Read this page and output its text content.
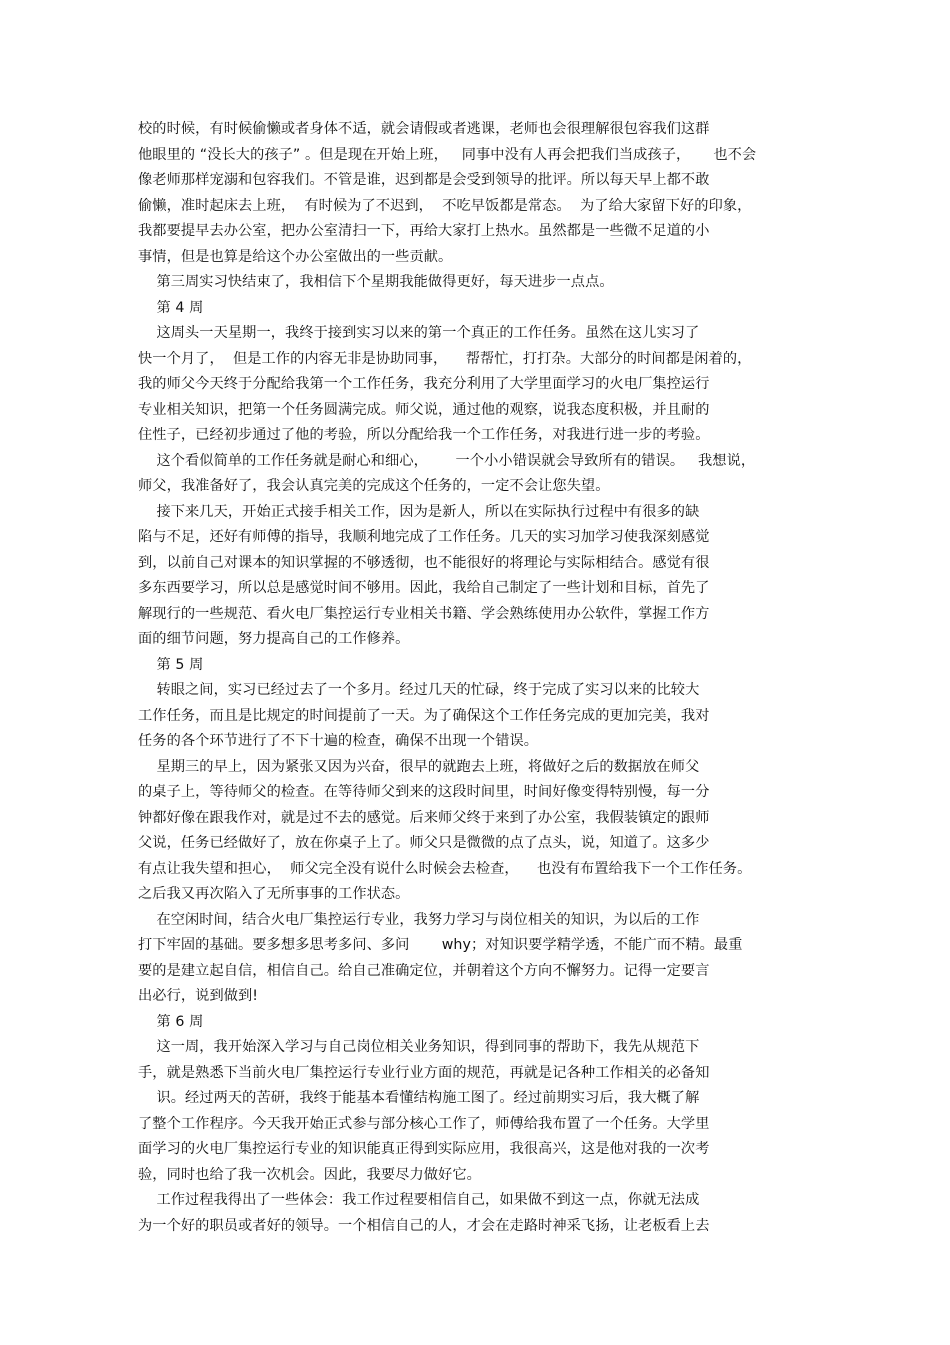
校的时候，有时候偷懒或者身体不适，就会请假或者逃课，老师也会很理解很包容我们这群
他眼里的 “没长大的孩子” 。但是现在开始上班，   同事中没有人再会把我们当成孩子，     也不会
像老师那样宠溺和包容我们。不管是谁，迟到都是会受到领导的批评。所以每天早上都不敢
偷懒，准时起床去上班，  有时候为了不迟到，  不吃早饭都是常态。  为了给大家留下好的印象，
我都要提早去办公室，把办公室清扫一下，再给大家打上热水。虽然都是一些微不足道的小
事情，但是也算是给这个办公室做出的一些贡献。
第三周实习快结束了，我相信下个星期我能做得更好，每天进步一点点。
第 4 周
这周头一天星期一，我终于接到实习以来的第一个真正的工作任务。虽然在这儿实习了
快一个月了，  但是工作的内容无非是协助同事，    帮帮忙，打打杂。大部分的时间都是闲着的，
我的师父今天终于分配给我第一个工作任务，我充分利用了大学里面学习的火电厂集控运行
专业相关知识，把第一个任务圆满完成。师父说，通过他的观察，说我态度积极，并且耐的
住性子，已经初步通过了他的考验，所以分配给我一个工作任务，对我进行进一步的考验。
这个看似简单的工作任务就是耐心和细心，      一个小小错误就会导致所有的错误。   我想说，
师父，我准备好了，我会认真完美的完成这个任务的，一定不会让您失望。
接下来几天，开始正式接手相关工作，因为是新人，所以在实际执行过程中有很多的缺
陷与不足，还好有师傅的指导，我顺利地完成了工作任务。几天的实习加学习使我深刻感觉
到，以前自己对课本的知识掌握的不够透彻，也不能很好的将理论与实际相结合。感觉有很
多东西要学习，所以总是感觉时间不够用。因此，我给自己制定了一些计划和目标，首先了
解现行的一些规范、看火电厂集控运行专业相关书籍、学会熟练使用办公软件，掌握工作方
面的细节问题，努力提高自己的工作修养。
第 5 周
转眼之间，实习已经过去了一个多月。经过几天的忙碌，终于完成了实习以来的比较大
工作任务，而且是比规定的时间提前了一天。为了确保这个工作任务完成的更加完美，我对
任务的各个环节进行了不下十遍的检查，确保不出现一个错误。
星期三的早上，因为紧张又因为兴奋，很早的就跑去上班，将做好之后的数据放在师父
的桌子上，等待师父的检查。在等待师父到来的这段时间里，时间好像变得特别慢，每一分
钟都好像在跟我作对，就是过不去的感觉。后来师父终于来到了办公室，我假装镇定的跟师
父说，任务已经做好了，放在你桌子上了。师父只是微微的点了点头，说，知道了。这多少
有点让我失望和担心，  师父完全没有说什么时候会去检查，    也没有布置给我下一个工作任务。
之后我又再次陷入了无所事事的工作状态。
在空闲时间，结合火电厂集控运行专业，我努力学习与岗位相关的知识，为以后的工作
打下牢固的基础。要多想多思考多问、多问       why；对知识要学精学透，不能广而不精。最重
要的是建立起自信，相信自己。给自己准确定位，并朝着这个方向不懈努力。记得一定要言
出必行，说到做到!
第 6 周
这一周，我开始深入学习与自己岗位相关业务知识，得到同事的帮助下，我先从规范下
手，就是熟悉下当前火电厂集控运行专业行业方面的规范，再就是记各种工作相关的必备知
识。经过两天的苦研，我终于能基本看懂结构施工图了。经过前期实习后，我大概了解
了整个工作程序。今天我开始正式参与部分核心工作了，师傅给我布置了一个任务。大学里
面学习的火电厂集控运行专业的知识能真正得到实际应用，我很高兴，这是他对我的一次考
验，同时也给了我一次机会。因此，我要尽力做好它。
工作过程我得出了一些体会：我工作过程要相信自己，如果做不到这一点，你就无法成
为一个好的职员或者好的领导。一个相信自己的人，才会在走路时神采飞扬，让老板看上去
